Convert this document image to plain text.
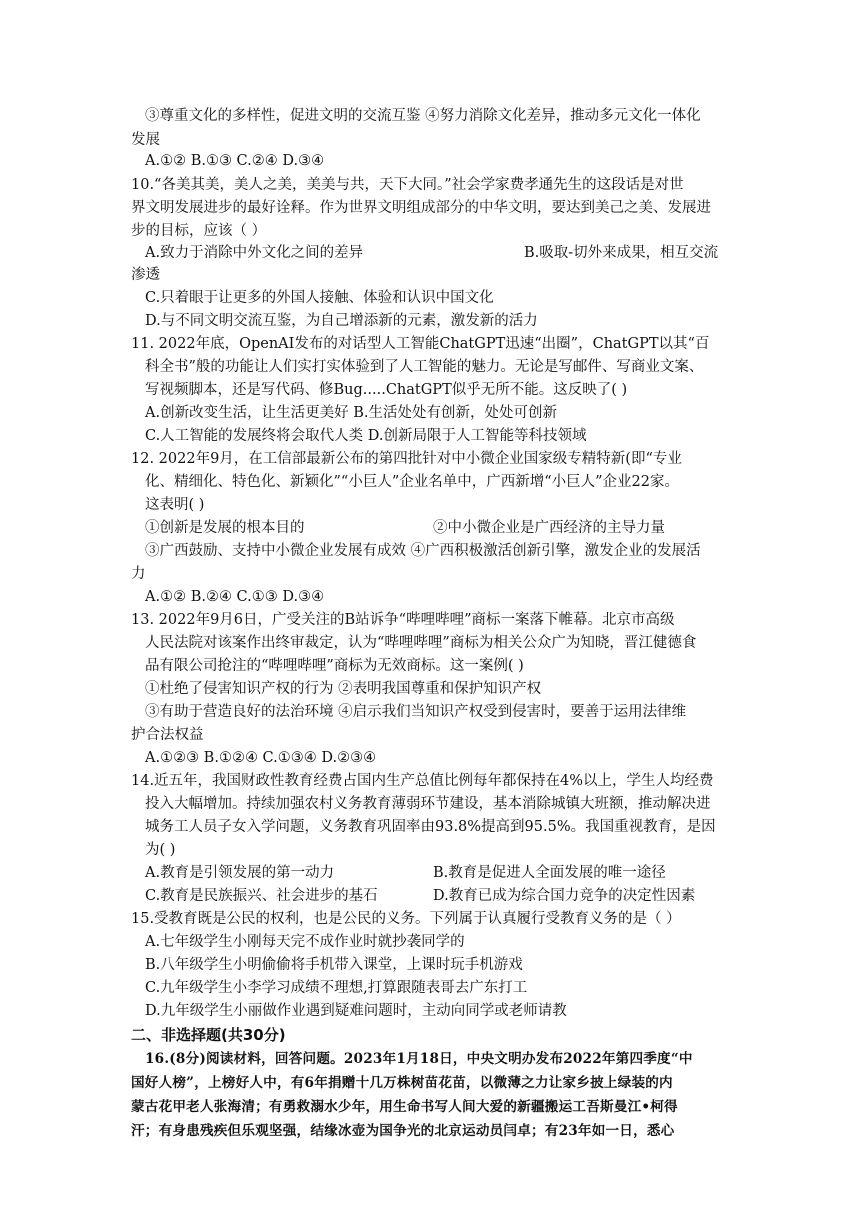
③尊重文化的多样性，促进文明的交流互鉴 ④努力消除文化差异，推动多元文化一体化
发展
A.①② B.①③ C.②④ D.③④
10.“各美其美，美人之美，美美与共，天下大同。”社会学家费孝通先生的这段话是对世
界文明发展进步的最好诠释。作为世界文明组成部分的中华文明，要达到美己之美、发展进
步的目标，应该（ ）
A.致力于消除中外文化之间的差异	B.吸取-切外来成果，相互交流
渗透
C.只着眼于让更多的外国人接触、体验和认识中国文化
D.与不同文明交流互鉴，为自己增添新的元素，激发新的活力
11. 2022年底，OpenAI发布的对话型人工智能ChatGPT迅速“出圈”，ChatGPT以其“百
科全书”般的功能让人们实打实体验到了人工智能的魅力。无论是写邮件、写商业文案、
写视频脚本，还是写代码、修Bug.....ChatGPT似乎无所不能。这反映了( )
A.创新改变生活，让生活更美好 B.生活处处有创新，处处可创新
C.人工智能的发展终将会取代人类 D.创新局限于人工智能等科技领域
12. 2022年9月，在工信部最新公布的第四批针对中小微企业国家级专精特新(即“专业
化、精细化、特色化、新颖化”“小巨人”企业名单中，广西新增“小巨人”企业22家。
这表明( )
①创新是发展的根本目的	②中小微企业是广西经济的主导力量
③广西鼓励、支持中小微企业发展有成效 ④广西积极激活创新引擎，激发企业的发展活
力
A.①② B.②④ C.①③ D.③④
13. 2022年9月6日，广受关注的B站诉争“哔哩哔哩”商标一案落下帷幕。北京市高级
人民法院对该案作出终审裁定，认为“哔哩哔哩”商标为相关公众广为知晓，晋江健德食
品有限公司抢注的“哔哩哔哩”商标为无效商标。这一案例( )
①杜绝了侵害知识产权的行为 ②表明我国尊重和保护知识产权
③有助于营造良好的法治环境 ④启示我们当知识产权受到侵害时，要善于运用法律维
护合法权益
A.①②③ B.①②④ C.①③④ D.②③④
14.近五年，我国财政性教育经费占国内生产总值比例每年都保持在4%以上，学生人均经费
投入大幅增加。持续加强农村义务教育薄弱环节建设，基本消除城镇大班额，推动解决进
城务工人员子女入学问题，义务教育巩固率由93.8%提高到95.5%。我国重视教育，是因
为( )
A.教育是引领发展的第一动力	B.教育是促进人全面发展的唯一途径
C.教育是民族振兴、社会进步的基石	D.教育已成为综合国力竞争的决定性因素
15.受教育既是公民的权利，也是公民的义务。下列属于认真履行受教育义务的是（ ）
A.七年级学生小刚每天完不成作业时就抄袭同学的
B.八年级学生小明偷偷将手机带入课堂，上课时玩手机游戏
C.九年级学生小李学习成绩不理想,打算跟随表哥去广东打工
D.九年级学生小丽做作业遇到疑难问题时，主动向同学或老师请教
二、非选择题(共30分)
16.(8分)阅读材料，回答问题。2023年1月18日，中央文明办发布2022年第四季度“中
国好人榜”，上榜好人中，有6年捐赠十几万株树苗花苗，以微薄之力让家乡披上绿装的内
蒙古花甲老人张海清；有勇救溺水少年，用生命书写人间大爱的新疆搬运工吾斯曼江•柯得
汗；有身患残疾但乐观坚强，结缘冰壶为国争光的北京运动员闫卓；有23年如一日，悉心
